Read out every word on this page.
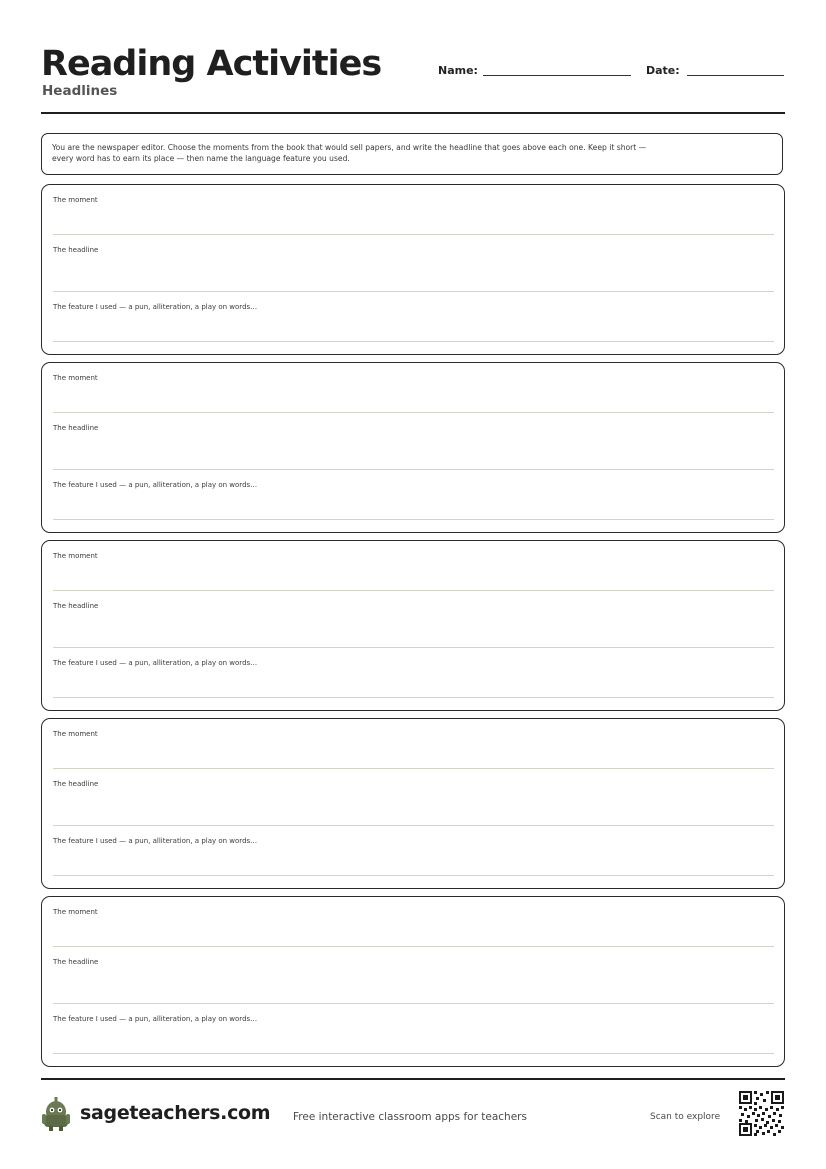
Reading Activities
Headlines
Name:	Date:
You are the newspaper editor. Choose the moments from the book that would sell papers, and write the headline that goes above each one. Keep it short —
every word has to earn its place — then name the language feature you used.
The moment
The headline
The feature I used — a pun, alliteration, a play on words…
The moment
The headline
The feature I used — a pun, alliteration, a play on words…
The moment
The headline
The feature I used — a pun, alliteration, a play on words…
The moment
The headline
The feature I used — a pun, alliteration, a play on words…
The moment
The headline
The feature I used — a pun, alliteration, a play on words…
sageteachers.com Free interactive classroom apps for teachers	Scan to explore
